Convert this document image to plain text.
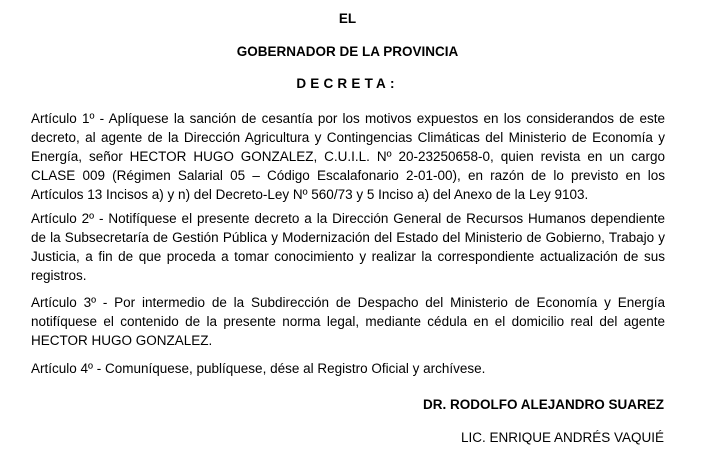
EL
GOBERNADOR DE LA PROVINCIA
DECRETA:
Artículo 1º - Aplíquese la sanción de cesantía por los motivos expuestos en los considerandos de este decreto, al agente de la Dirección Agricultura y Contingencias Climáticas del Ministerio de Economía y Energía, señor HECTOR HUGO GONZALEZ, C.U.I.L. Nº 20-23250658-0, quien revista en un cargo CLASE 009 (Régimen Salarial 05 – Código Escalafonario 2-01-00), en razón de lo previsto en los Artículos 13 Incisos a) y n) del Decreto-Ley Nº 560/73 y 5 Inciso a) del Anexo de la Ley 9103.
Artículo 2º - Notifíquese el presente decreto a la Dirección General de Recursos Humanos dependiente de la Subsecretaría de Gestión Pública y Modernización del Estado del Ministerio de Gobierno, Trabajo y Justicia, a fin de que proceda a tomar conocimiento y realizar la correspondiente actualización de sus registros.
Artículo 3º - Por intermedio de la Subdirección de Despacho del Ministerio de Economía y Energía notifíquese el contenido de la presente norma legal, mediante cédula en el domicilio real del agente HECTOR HUGO GONZALEZ.
Artículo 4º - Comuníquese, publíquese, dése al Registro Oficial y archívese.
DR. RODOLFO ALEJANDRO SUAREZ
LIC. ENRIQUE ANDRÉS VAQUIÉ
